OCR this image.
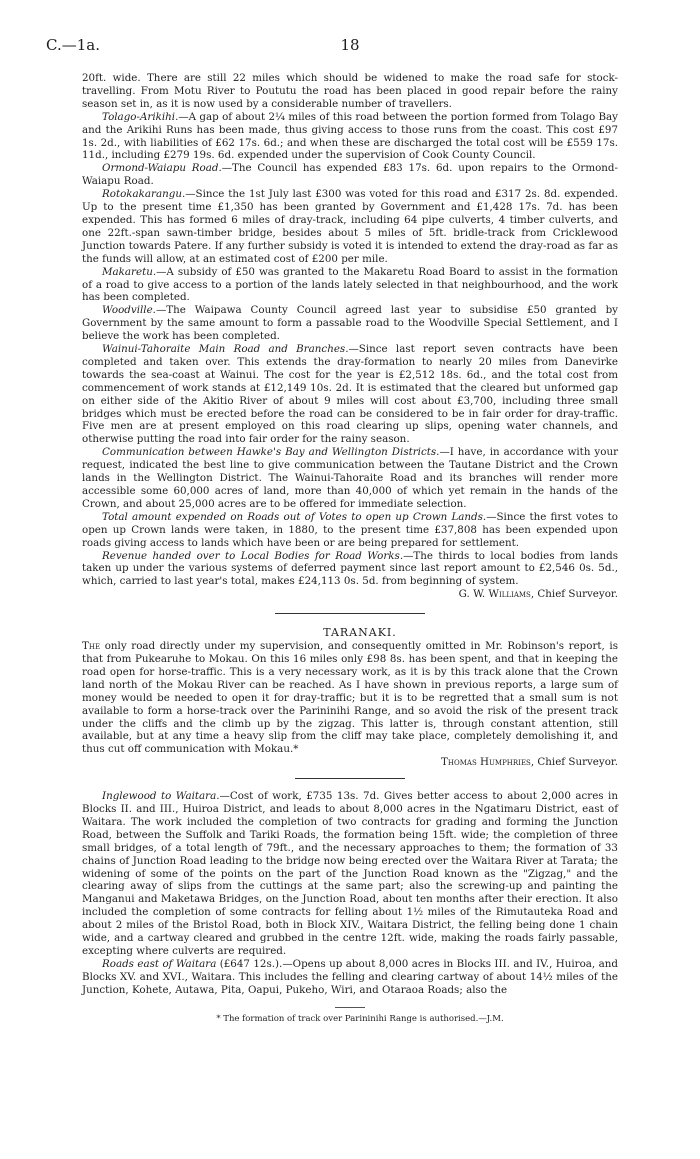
18
C.—1a.

20ft. wide. There are still 22 miles which should be widened to make the road safe for stock-travelling. From Motu River to Poututu the road has been placed in good repair before the rainy season set in, as it is now used by a considerable number of travellers.

Tolago-Arikihi.—A gap of about 2¼ miles of this road between the portion formed from Tolago Bay and the Arikihi Runs has been made, thus giving access to those runs from the coast. This cost £97 1s. 2d., with liabilities of £62 17s. 6d.; and when these are discharged the total cost will be £559 17s. 11d., including £279 19s. 6d. expended under the supervision of Cook County Council.

Ormond-Waiapu Road.—The Council has expended £83 17s. 6d. upon repairs to the Ormond-Waiapu Road.

Rotokakarangu.—Since the 1st July last £300 was voted for this road and £317 2s. 8d. expended. Up to the present time £1,350 has been granted by Government and £1,428 17s. 7d. has been expended. This has formed 6 miles of dray-track, including 64 pipe culverts, 4 timber culverts, and one 22ft.-span sawn-timber bridge, besides about 5 miles of 5ft. bridle-track from Cricklewood Junction towards Patere. If any further subsidy is voted it is intended to extend the dray-road as far as the funds will allow, at an estimated cost of £200 per mile.

Makaretu.—A subsidy of £50 was granted to the Makaretu Road Board to assist in the formation of a road to give access to a portion of the lands lately selected in that neighbourhood, and the work has been completed.

Woodville.—The Waipawa County Council agreed last year to subsidise £50 granted by Government by the same amount to form a passable road to the Woodville Special Settlement, and I believe the work has been completed.

Wainui-Tahoraite Main Road and Branches.—Since last report seven contracts have been completed and taken over. This extends the dray-formation to nearly 20 miles from Danevirke towards the sea-coast at Wainui. The cost for the year is £2,512 18s. 6d., and the total cost from commencement of work stands at £12,149 10s. 2d. It is estimated that the cleared but unformed gap on either side of the Akitio River of about 9 miles will cost about £3,700, including three small bridges which must be erected before the road can be considered to be in fair order for dray-traffic. Five men are at present employed on this road clearing up slips, opening water channels, and otherwise putting the road into fair order for the rainy season.

Communication between Hawke's Bay and Wellington Districts.—I have, in accordance with your request, indicated the best line to give communication between the Tautane District and the Crown lands in the Wellington District. The Wainui-Tahoraite Road and its branches will render more accessible some 60,000 acres of land, more than 40,000 of which yet remain in the hands of the Crown, and about 25,000 acres are to be offered for immediate selection.

Total amount expended on Roads out of Votes to open up Crown Lands.—Since the first votes to open up Crown lands were taken, in 1880, to the present time £37,808 has been expended upon roads giving access to lands which have been or are being prepared for settlement.

Revenue handed over to Local Bodies for Road Works.—The thirds to local bodies from lands taken up under the various systems of deferred payment since last report amount to £2,546 0s. 5d., which, carried to last year's total, makes £24,113 0s. 5d. from beginning of system.

G. W. Williams, Chief Surveyor.

TARANAKI.

The only road directly under my supervision, and consequently omitted in Mr. Robinson's report, is that from Pukearuhe to Mokau. On this 16 miles only £98 8s. has been spent, and that in keeping the road open for horse-traffic. This is a very necessary work, as it is by this track alone that the Crown land north of the Mokau River can be reached. As I have shown in previous reports, a large sum of money would be needed to open it for dray-traffic; but it is to be regretted that a small sum is not available to form a horse-track over the Parininihi Range, and so avoid the risk of the present track under the cliffs and the climb up by the zigzag. This latter is, through constant attention, still available, but at any time a heavy slip from the cliff may take place, completely demolishing it, and thus cut off communication with Mokau.*

Thomas Humphries, Chief Surveyor.

Inglewood to Waitara.—Cost of work, £735 13s. 7d. Gives better access to about 2,000 acres in Blocks II. and III., Huiroa District, and leads to about 8,000 acres in the Ngatimaru District, east of Waitara. The work included the completion of two contracts for grading and forming the Junction Road, between the Suffolk and Tariki Roads, the formation being 15ft. wide; the completion of three small bridges, of a total length of 79ft., and the necessary approaches to them; the formation of 33 chains of Junction Road leading to the bridge now being erected over the Waitara River at Tarata; the widening of some of the points on the part of the Junction Road known as the "Zigzag," and the clearing away of slips from the cuttings at the same part; also the screwing-up and painting the Manganui and Maketawa Bridges, on the Junction Road, about ten months after their erection. It also included the completion of some contracts for felling about 1½ miles of the Rimutauteka Road and about 2 miles of the Bristol Road, both in Block XIV., Waitara District, the felling being done 1 chain wide, and a cartway cleared and grubbed in the centre 12ft. wide, making the roads fairly passable, excepting where culverts are required.

Roads east of Waitara (£647 12s.).—Opens up about 8,000 acres in Blocks III. and IV., Huiroa, and Blocks XV. and XVI., Waitara. This includes the felling and clearing cartway of about 14½ miles of the Junction, Kohete, Autawa, Pita, Oapui, Pukeho, Wiri, and Otaraoa Roads; also the

* The formation of track over Parininihi Range is authorised.—J.M.
